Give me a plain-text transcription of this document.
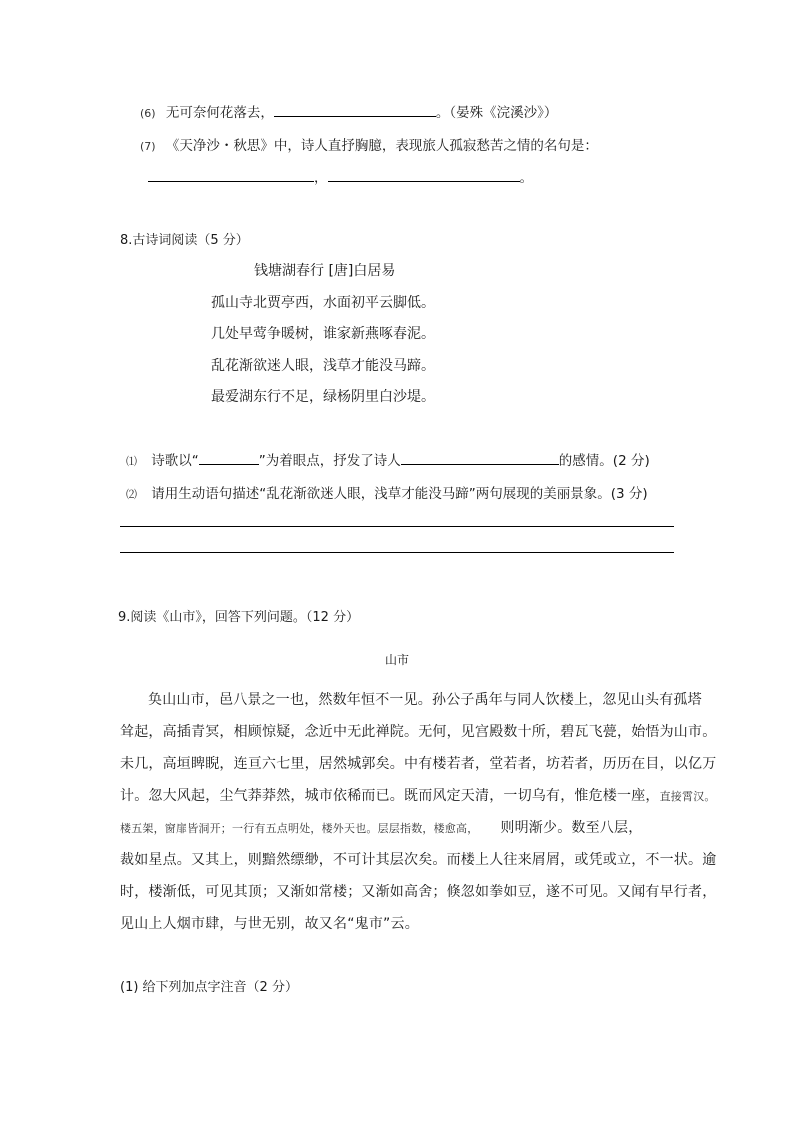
(6) 无可奈何花落去，	。（晏殊《浣溪沙》）
(7) 《天净沙・秋思》中，诗人直抒胸臆，表现旅人孤寂愁苦之情的名句是：
，	。
8.古诗词阅读（5 分）
钱塘湖春行 [唐]白居易
孤山寺北贾亭西，水面初平云脚低。
几处早莺争暖树，谁家新燕啄春泥。
乱花渐欲迷人眼，浅草才能没马蹄。
最爱湖东行不足，绿杨阴里白沙堤。
⑴ 诗歌以“	”为着眼点，抒发了诗人	的感情。(2 分)
⑵ 请用生动语句描述“乱花渐欲迷人眼，浅草才能没马蹄”两句展现的美丽景象。(3 分)
9.阅读《山市》，回答下列问题。（12 分）
山市
奂山山市，邑八景之一也，然数年恒不一见。孙公子禹年与同人饮楼上，忽见山头有孤塔
耸起，高插青冥，相顾惊疑，念近中无此禅院。无何，见宫殿数十所，碧瓦飞甍，始悟为山市。
未几，高垣睥睨，连亘六七里，居然城郭矣。中有楼若者，堂若者，坊若者，历历在目，以亿万
计。忽大风起，尘气莽莽然，城市依稀而已。既而风定天清，一切乌有，惟危楼一座，直接霄汉。
楼五架，窗扉皆洞开；一行有五点明处，楼外天也。层层指数，楼愈高， 则明渐少。数至八层，
裁如星点。又其上，则黯然缥缈，不可计其层次矣。而楼上人往来屑屑，或凭或立，不一状。逾
时，楼渐低，可见其顶；又渐如常楼；又渐如高舍；倏忽如拳如豆，遂不可见。又闻有早行者，
见山上人烟市肆，与世无别，故又名“鬼市”云。
(1) 给下列加点字注音（2 分）
